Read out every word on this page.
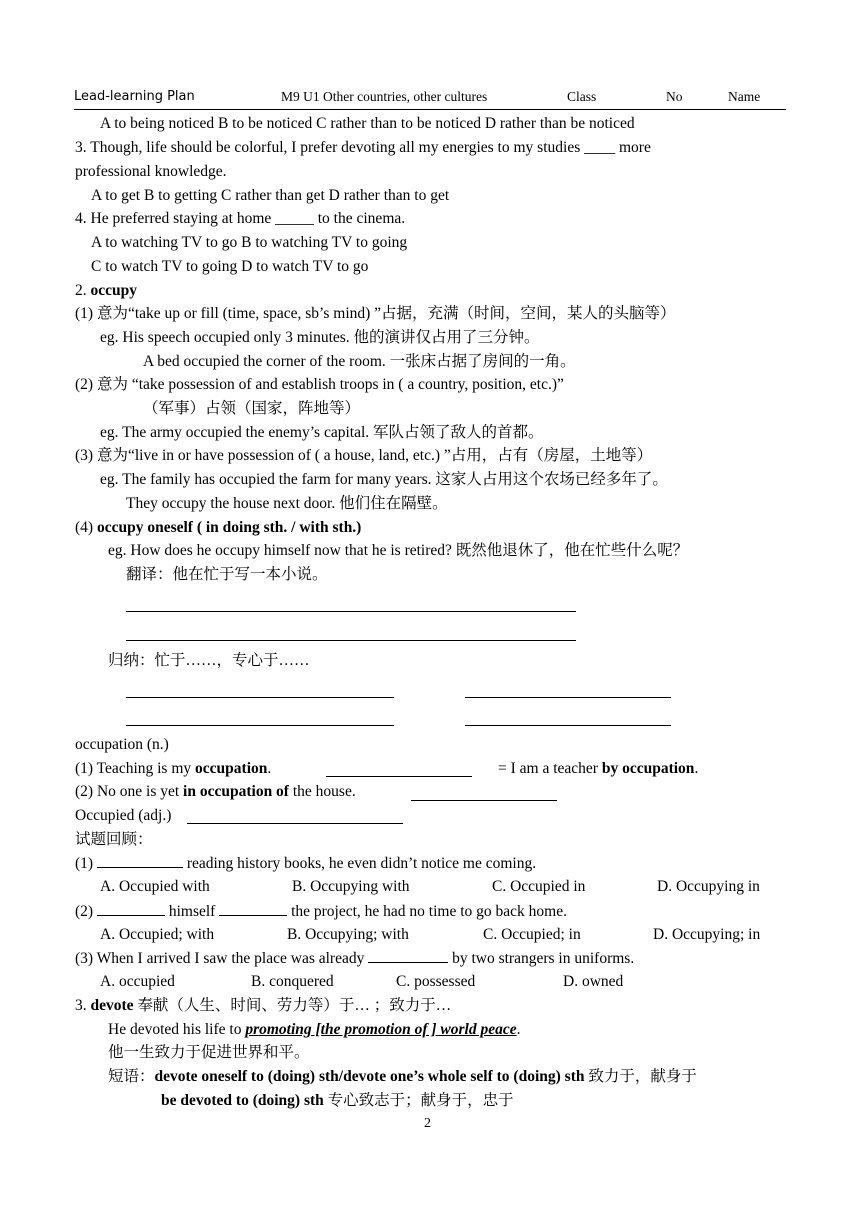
Lead-learning Plan	M9 U1 Other countries, other cultures	Class	No	Name
A to being noticed B to be noticed C rather than to be noticed D rather than be noticed
3. Though, life should be colorful, I prefer devoting all my energies to my studies ____ more
professional knowledge.
A to get B to getting C rather than get D rather than to get
4. He preferred staying at home _____ to the cinema.
A to watching TV to go B to watching TV to going
C to watch TV to going D to watch TV to go
2. occupy
(1) 意为“take up or fill (time, space, sb’s mind) ”占据，充满（时间，空间，某人的头脑等）
eg. His speech occupied only 3 minutes. 他的演讲仅占用了三分钟。
A bed occupied the corner of the room. 一张床占据了房间的一角。
(2) 意为 “take possession of and establish troops in ( a country, position, etc.)”
（军事）占领（国家，阵地等）
eg. The army occupied the enemy’s capital. 军队占领了敌人的首都。
(3) 意为“live in or have possession of ( a house, land, etc.) ”占用，占有（房屋，土地等）
eg. The family has occupied the farm for many years. 这家人占用这个农场已经多年了。
They occupy the house next door. 他们住在隔壁。
(4) occupy oneself ( in doing sth. / with sth.)
eg. How does he occupy himself now that he is retired? 既然他退休了，他在忙些什么呢？
翻译：他在忙于写一本小说。
归纳：忙于……，专心于……
occupation (n.)
(1) Teaching is my occupation.	= I am a teacher by occupation.
(2) No one is yet in occupation of the house.
Occupied (adj.)
试题回顾：
(1)	reading history books, he even didn’t notice me coming.
A. Occupied with	B. Occupying with	C. Occupied in	D. Occupying in
(2)	himself	the project, he had no time to go back home.
A. Occupied; with	B. Occupying; with	C. Occupied; in	D. Occupying; in
(3) When I arrived I saw the place was already	by two strangers in uniforms.
A. occupied	B. conquered	C. possessed	D. owned
3. devote 奉献（人生、时间、劳力等）于… ；致力于…
He devoted his life to promoting [the promotion of ] world peace.
他一生致力于促进世界和平。
短语：devote oneself to (doing) sth/devote one’s whole self to (doing) sth 致力于，献身于
be devoted to (doing) sth 专心致志于；献身于，忠于
2
